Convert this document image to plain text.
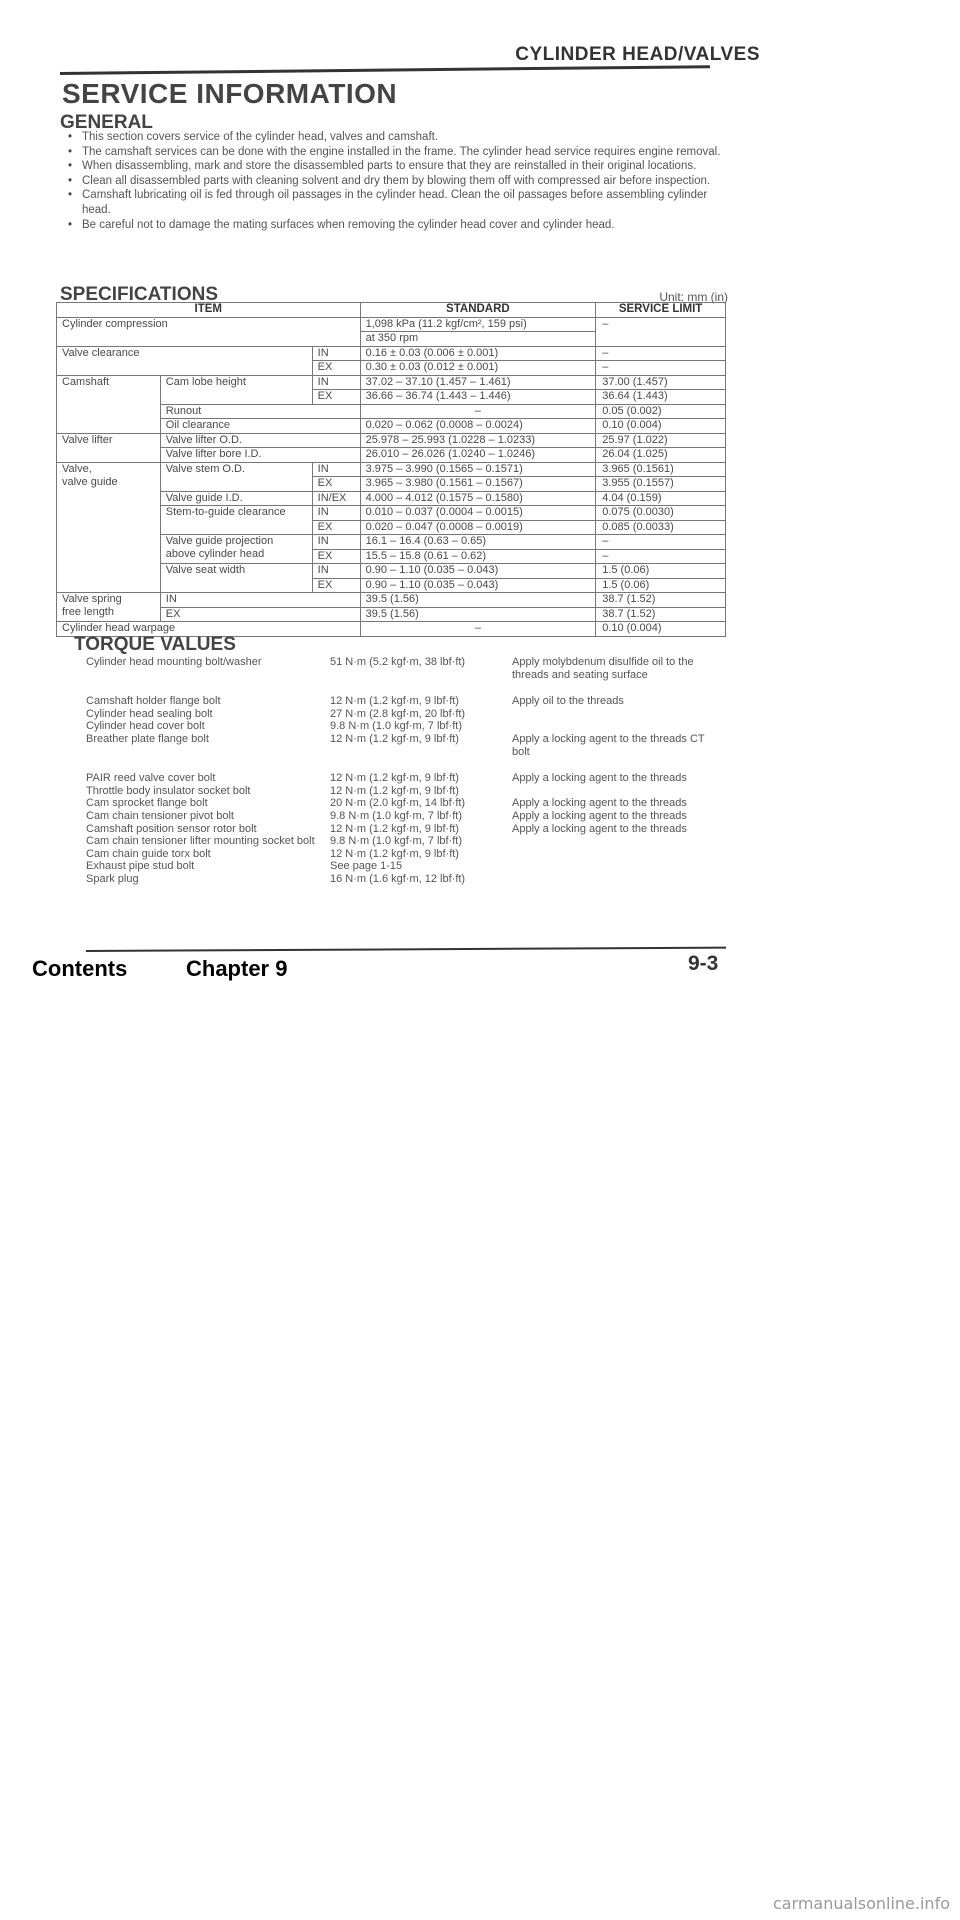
CYLINDER HEAD/VALVES
SERVICE INFORMATION
GENERAL
• This section covers service of the cylinder head, valves and camshaft.
• The camshaft services can be done with the engine installed in the frame. The cylinder head service requires engine removal.
• When disassembling, mark and store the disassembled parts to ensure that they are reinstalled in their original locations.
• Clean all disassembled parts with cleaning solvent and dry them by blowing them off with compressed air before inspection.
• Camshaft lubricating oil is fed through oil passages in the cylinder head. Clean the oil passages before assembling cylinder head.
• Be careful not to damage the mating surfaces when removing the cylinder head cover and cylinder head.
SPECIFICATIONS	Unit: mm (in)
ITEM			STANDARD	SERVICE LIMIT
Cylinder compression			1,098 kPa (11.2 kgf/cm², 159 psi)	–
			at 350 rpm	
Valve clearance		IN	0.16 ± 0.03 (0.006 ± 0.001)	–
		EX	0.30 ± 0.03 (0.012 ± 0.001)	–
Camshaft	Cam lobe height	IN	37.02 – 37.10 (1.457 – 1.461)	37.00 (1.457)
		EX	36.66 – 36.74 (1.443 – 1.446)	36.64 (1.443)
	Runout		–	0.05 (0.002)
	Oil clearance		0.020 – 0.062 (0.0008 – 0.0024)	0.10 (0.004)
Valve lifter	Valve lifter O.D.		25.978 – 25.993 (1.0228 – 1.0233)	25.97 (1.022)
	Valve lifter bore I.D.		26.010 – 26.026 (1.0240 – 1.0246)	26.04 (1.025)

Valve,
valve guide	Valve stem O.D.	IN	3.975 – 3.990 (0.1565 – 0.1571)	3.965 (0.1561)
		EX	3.965 – 3.980 (0.1561 – 0.1567)	3.955 (0.1557)
	Valve guide I.D.	IN/EX	4.000 – 4.012 (0.1575 – 0.1580)	4.04 (0.159)
	Stem-to-guide clearance	IN	0.010 – 0.037 (0.0004 – 0.0015)	0.075 (0.0030)
		EX	0.020 – 0.047 (0.0008 – 0.0019)	0.085 (0.0033)

	Valve guide projection
above cylinder head	IN	16.1 – 16.4 (0.63 – 0.65)	–
		EX	15.5 – 15.8 (0.61 – 0.62)	–
	Valve seat width	IN	0.90 – 1.10 (0.035 – 0.043)	1.5 (0.06)
		EX	0.90 – 1.10 (0.035 – 0.043)	1.5 (0.06)

Valve spring
free length	IN		39.5 (1.56)	38.7 (1.52)
	EX		39.5 (1.56)	38.7 (1.52)
Cylinder head warpage			–	0.10 (0.004)
TORQUE VALUES
Cylinder head mounting bolt/washer	51 N·m (5.2 kgf·m, 38 lbf·ft)	Apply molybdenum disulfide oil to the threads and seating surface

Camshaft holder flange bolt	12 N·m (1.2 kgf·m, 9 lbf·ft)	Apply oil to the threads
Cylinder head sealing bolt	27 N·m (2.8 kgf·m, 20 lbf·ft)	
Cylinder head cover bolt	9.8 N·m (1.0 kgf·m, 7 lbf·ft)	
Breather plate flange bolt	12 N·m (1.2 kgf·m, 9 lbf·ft)	Apply a locking agent to the threads CT bolt

PAIR reed valve cover bolt	12 N·m (1.2 kgf·m, 9 lbf·ft)	Apply a locking agent to the threads
Throttle body insulator socket bolt	12 N·m (1.2 kgf·m, 9 lbf·ft)	
Cam sprocket flange bolt	20 N·m (2.0 kgf·m, 14 lbf·ft)	Apply a locking agent to the threads
Cam chain tensioner pivot bolt	9.8 N·m (1.0 kgf·m, 7 lbf·ft)	Apply a locking agent to the threads
Camshaft position sensor rotor bolt	12 N·m (1.2 kgf·m, 9 lbf·ft)	Apply a locking agent to the threads
Cam chain tensioner lifter mounting socket bolt	9.8 N·m (1.0 kgf·m, 7 lbf·ft)	
Cam chain guide torx bolt	12 N·m (1.2 kgf·m, 9 lbf·ft)	
Exhaust pipe stud bolt	See page 1-15	
Spark plug	16 N·m (1.6 kgf·m, 12 lbf·ft)	
9-3
Contents	Chapter 9
carmanualsonline.info
